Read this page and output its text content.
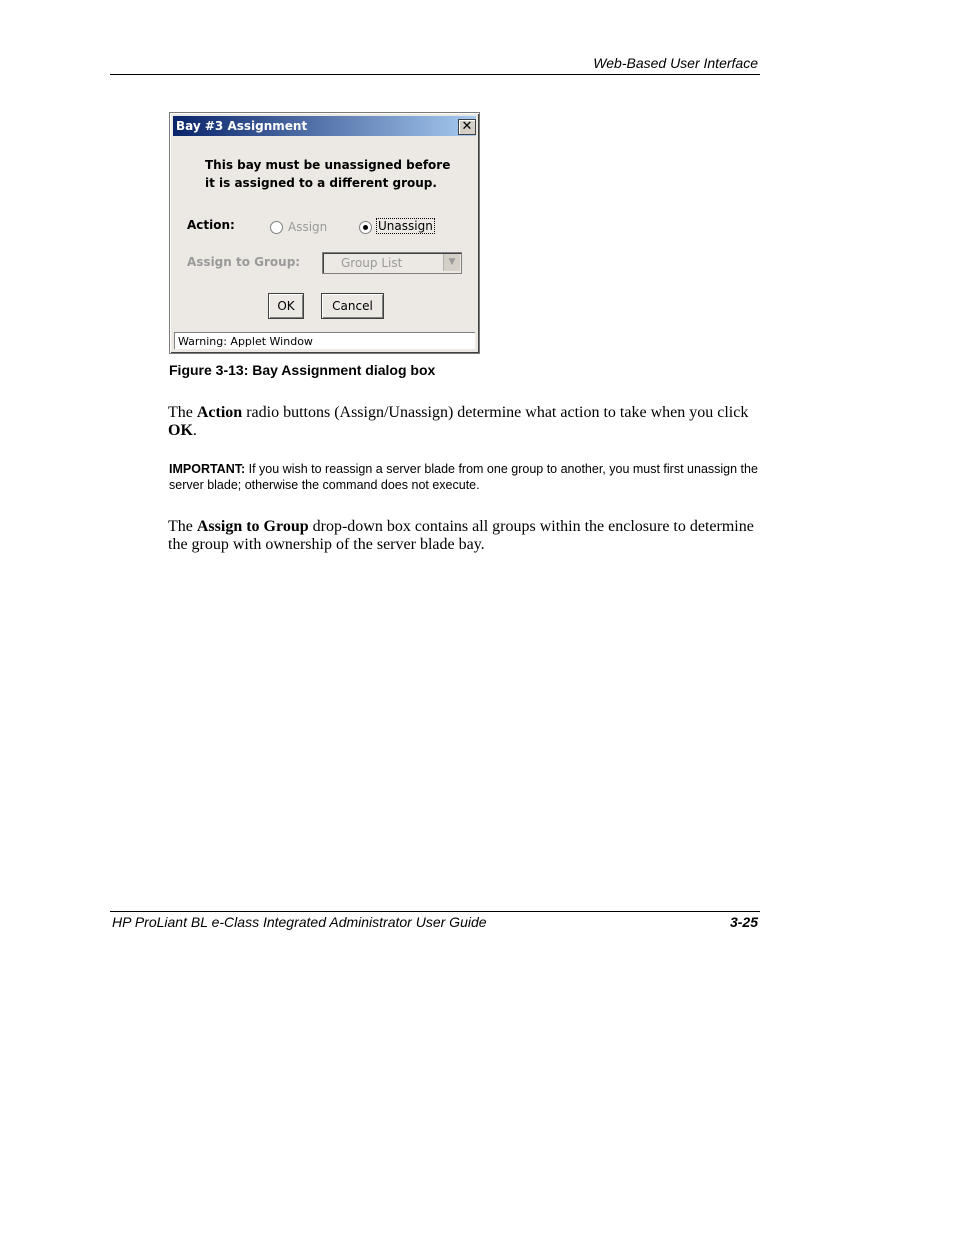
Web-Based User Interface
Bay #3 Assignment	✕
This bay must be unassigned before
it is assigned to a different group.
Action:	Assign	Unassign
Assign to Group:	Group List	▼
OK	Cancel
Warning: Applet Window
Figure 3-13: Bay Assignment dialog box
The Action radio buttons (Assign/Unassign) determine what action to take when you click OK.
IMPORTANT: If you wish to reassign a server blade from one group to another, you must first unassign the server blade; otherwise the command does not execute.
The Assign to Group drop-down box contains all groups within the enclosure to determine the group with ownership of the server blade bay.
HP ProLiant BL e-Class Integrated Administrator User Guide	3-25
